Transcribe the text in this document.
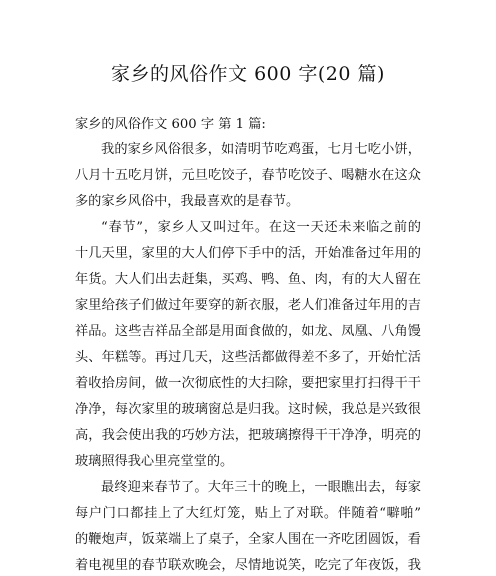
家乡的风俗作文 600 字(20 篇)
家乡的风俗作文 600 字 第 1 篇:
我的家乡风俗很多，如清明节吃鸡蛋，七月七吃小饼，
八月十五吃月饼，元旦吃饺子，春节吃饺子、喝糖水在这众
多的家乡风俗中，我最喜欢的是春节。
“春节”，家乡人又叫过年。在这一天还未来临之前的
十几天里，家里的大人们停下手中的活，开始准备过年用的
年货。大人们出去赶集，买鸡、鸭、鱼、肉，有的大人留在
家里给孩子们做过年要穿的新衣服，老人们准备过年用的吉
祥品。这些吉祥品全部是用面食做的，如龙、凤凰、八角馒
头、年糕等。再过几天，这些活都做得差不多了，开始忙活
着收拾房间，做一次彻底性的大扫除，要把家里打扫得干干
净净，每次家里的玻璃窗总是归我。这时候，我总是兴致很
高，我会使出我的巧妙方法，把玻璃擦得干干净净，明亮的
玻璃照得我心里亮堂堂的。
最终迎来春节了。大年三十的晚上，一眼瞧出去，每家
每户门口都挂上了大红灯笼，贴上了对联。伴随着“噼啪”
的鞭炮声，饭菜端上了桌子，全家人围在一齐吃团圆饭，看
着电视里的春节联欢晚会，尽情地说笑，吃完了年夜饭，我
